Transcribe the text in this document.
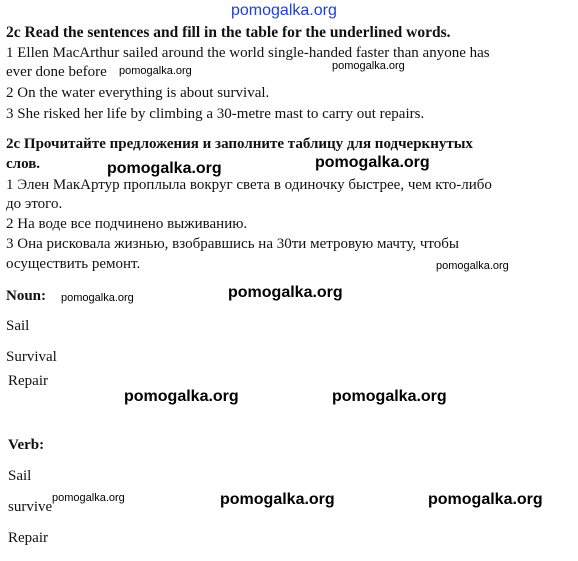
pomogalka.org
2c Read the sentences and fill in the table for the underlined words.
1 Ellen MacArthur sailed around the world single-handed faster than anyone has
ever done before pomogalka.org	pomogalka.org
2 On the water everything is about survival.
3 She risked her life by climbing a 30-metre mast to carry out repairs.
2c Прочитайте предложения и заполните таблицу для подчеркнутых
слов.	pomogalka.org	pomogalka.org
1 Элен МакАртур проплыла вокруг света в одиночку быстрее, чем кто-либо
до этого.
2 На воде все подчинено выживанию.
3 Она рисковала жизнью, взобравшись на 30ти метровую мачту, чтобы
осуществить ремонт.	pomogalka.org
Noun: pomogalka.org	pomogalka.org
Sail
Survival
Repair
pomogalka.org	pomogalka.org
Verb:
Sail
survive
pomogalka.org	pomogalka.org	pomogalka.org
Repair
